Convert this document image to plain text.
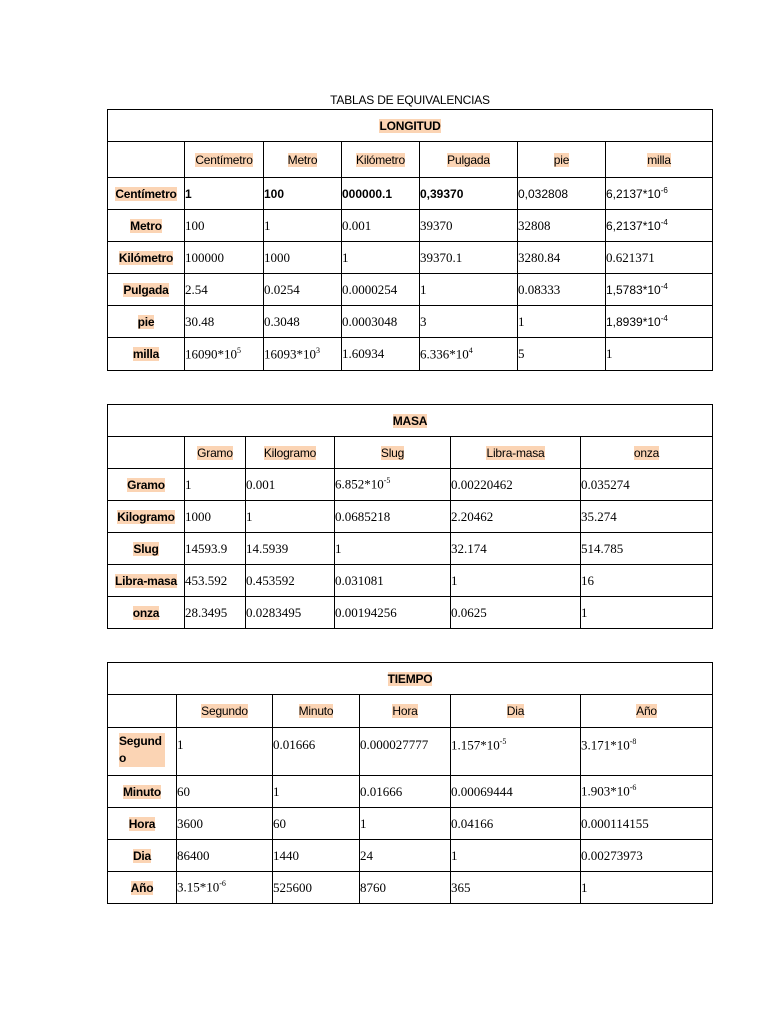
TABLAS DE EQUIVALENCIAS
LONGITUD						
	Centímetro	Metro	Kilómetro	Pulgada	pie	milla
Centímetro	1	100	000000.1	0,39370	0,032808	$6,2137*10^{-6}$
Metro	100	1	0.001	39370	32808	$6,2137*10^{-4}$
Kilómetro	100000	1000	1	39370.1	3280.84	0.621371
Pulgada	2.54	0.0254	0.0000254	1	0.08333	$1,5783*10^{-4}$
pie	30.48	0.3048	0.0003048	3	1	$1,8939*10^{-4}$
milla	$16090*10^5$	$16093*10^3$	1.60934	$6.336*10^4$	5	1
MASA					
	Gramo	Kilogramo	Slug	Libra-masa	onza
Gramo	1	0.001	$6.852*10^{-5}$	0.00220462	0.035274
Kilogramo	1000	1	0.0685218	2.20462	35.274
Slug	14593.9	14.5939	1	32.174	514.785
Libra-masa	453.592	0.453592	0.031081	1	16
onza	28.3495	0.0283495	0.00194256	0.0625	1
TIEMPO					
	Segundo	Minuto	Hora	Dia	Año
Segund
o	1	0.01666	0.000027777	$1.157*10^{-5}$	$3.171*10^{-8}$
Minuto	60	1	0.01666	0.00069444	$1.903*10^{-6}$
Hora	3600	60	1	0.04166	0.000114155
Dia	86400	1440	24	1	0.00273973
Año	$3.15*10^{-6}$	525600	8760	365	1
